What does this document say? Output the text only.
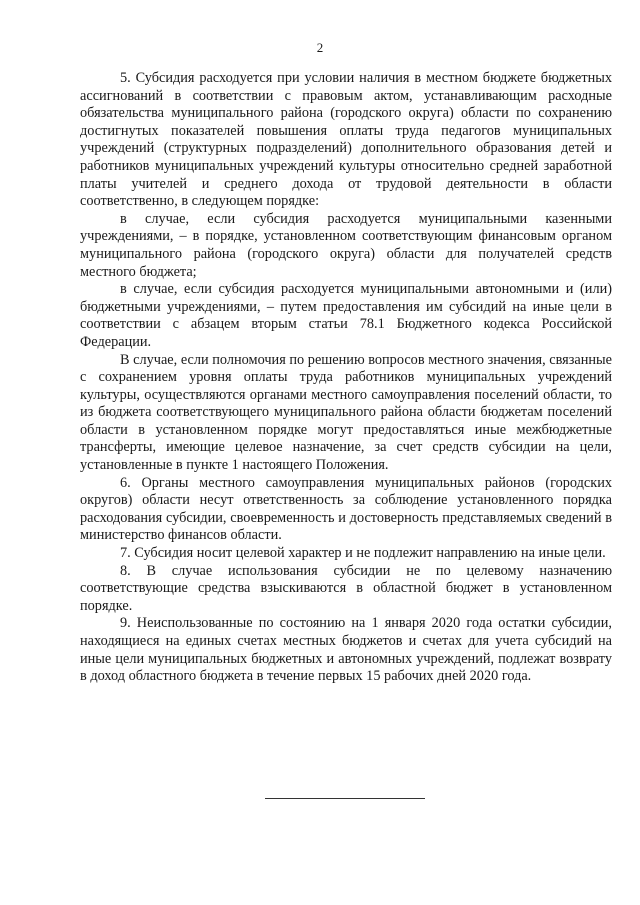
2

5. Субсидия расходуется при условии наличия в местном бюджете бюджетных ассигнований в соответствии с правовым актом, устанавливающим расходные обязательства муниципального района (городского округа) области по сохранению достигнутых показателей повышения оплаты труда педагогов муниципальных учреждений (структурных подразделений) дополнительного образования детей и работников муниципальных учреждений культуры относительно средней заработной платы учителей и среднего дохода от трудовой деятельности в области соответственно, в следующем порядке:

в случае, если субсидия расходуется муниципальными казенными учреждениями, – в порядке, установленном соответствующим финансовым органом муниципального района (городского округа) области для получателей средств местного бюджета;

в случае, если субсидия расходуется муниципальными автономными и (или) бюджетными учреждениями, – путем предоставления им субсидий на иные цели в соответствии с абзацем вторым статьи 78.1 Бюджетного кодекса Российской Федерации.

В случае, если полномочия по решению вопросов местного значения, связанные с сохранением уровня оплаты труда работников муниципальных учреждений культуры, осуществляются органами местного самоуправления поселений области, то из бюджета соответствующего муниципального района области бюджетам поселений области в установленном порядке могут предоставляться иные межбюджетные трансферты, имеющие целевое назначение, за счет средств субсидии на цели, установленные в пункте 1 настоящего Положения.

6. Органы местного самоуправления муниципальных районов (городских округов) области несут ответственность за соблюдение установленного порядка расходования субсидии, своевременность и достоверность представляемых сведений в министерство финансов области.

7. Субсидия носит целевой характер и не подлежит направлению на иные цели.

8. В случае использования субсидии не по целевому назначению соответствующие средства взыскиваются в областной бюджет в установленном порядке.

9. Неиспользованные по состоянию на 1 января 2020 года остатки субсидии, находящиеся на единых счетах местных бюджетов и счетах для учета субсидий на иные цели муниципальных бюджетных и автономных учреждений, подлежат возврату в доход областного бюджета в течение первых 15 рабочих дней 2020 года.
